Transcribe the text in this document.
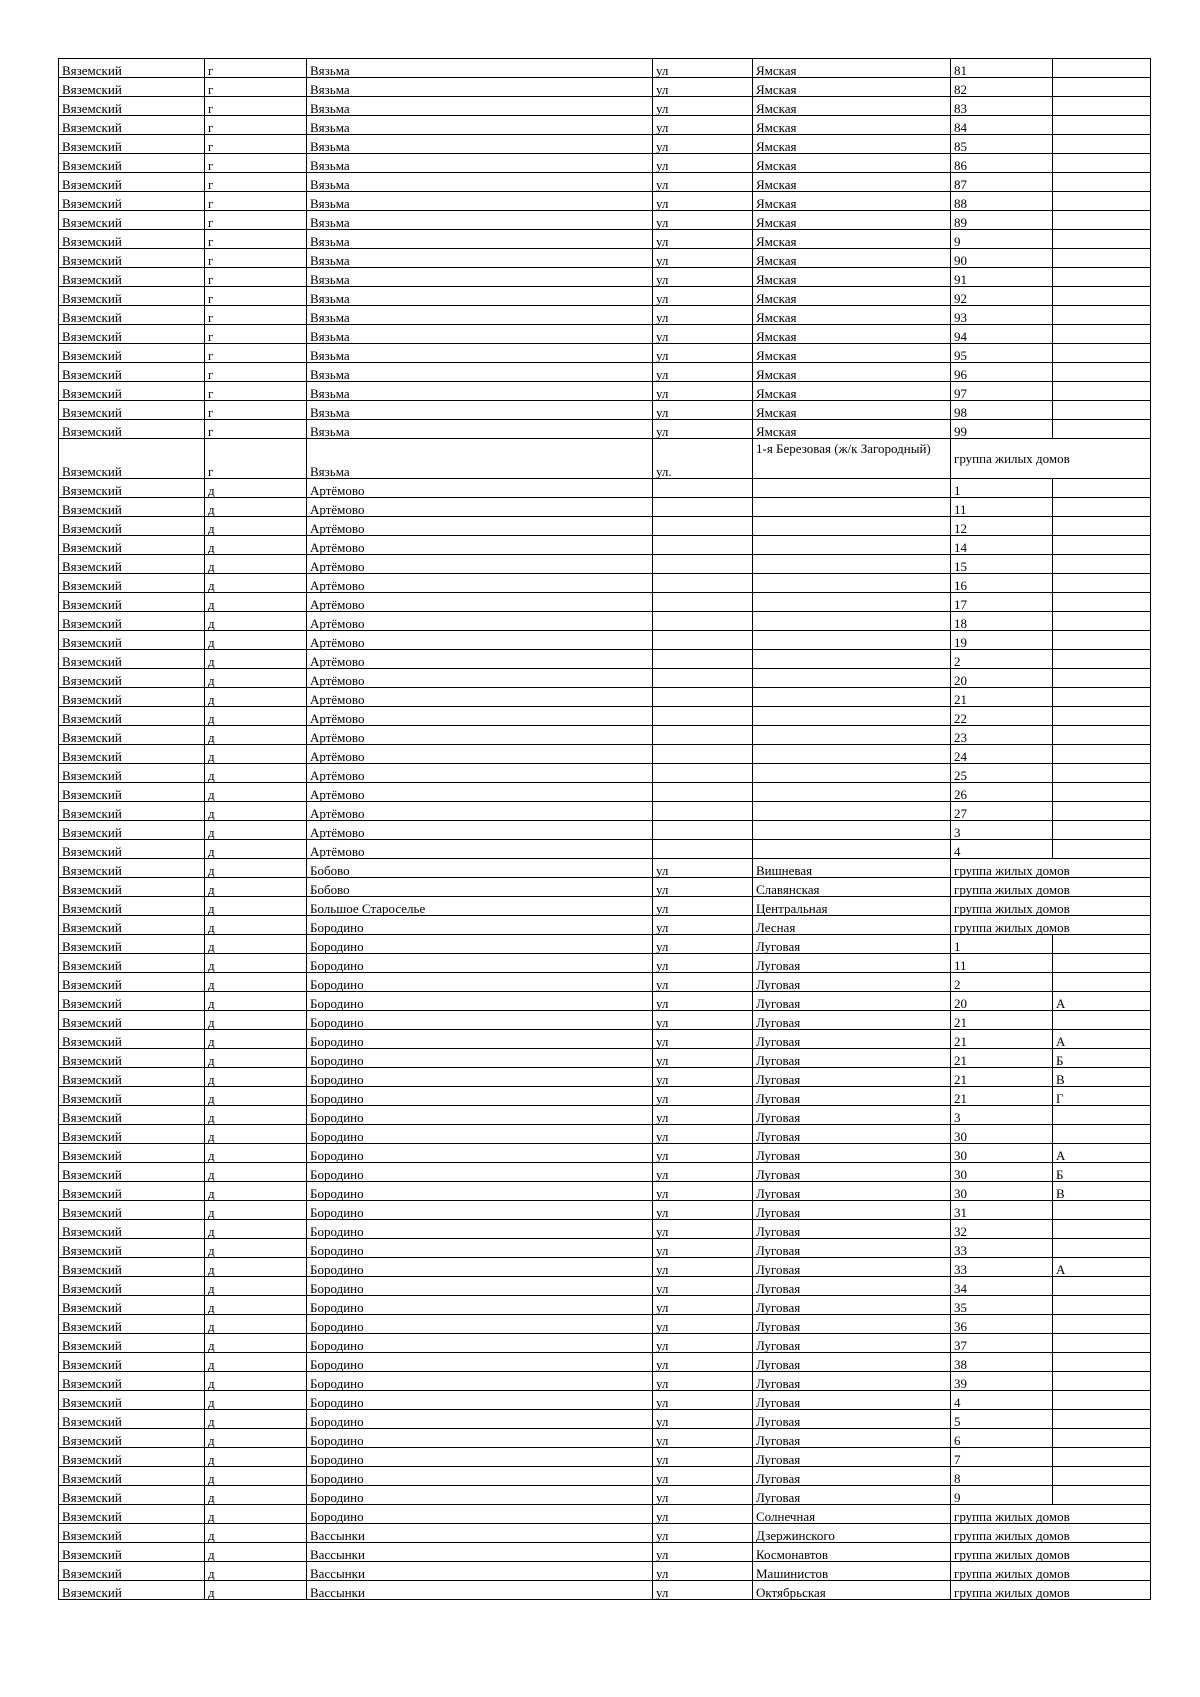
Вяземский	г	Вязьма	ул	Ямская	81	
Вяземский	г	Вязьма	ул	Ямская	82	
Вяземский	г	Вязьма	ул	Ямская	83	
Вяземский	г	Вязьма	ул	Ямская	84	
Вяземский	г	Вязьма	ул	Ямская	85	
Вяземский	г	Вязьма	ул	Ямская	86	
Вяземский	г	Вязьма	ул	Ямская	87	
Вяземский	г	Вязьма	ул	Ямская	88	
Вяземский	г	Вязьма	ул	Ямская	89	
Вяземский	г	Вязьма	ул	Ямская	9	
Вяземский	г	Вязьма	ул	Ямская	90	
Вяземский	г	Вязьма	ул	Ямская	91	
Вяземский	г	Вязьма	ул	Ямская	92	
Вяземский	г	Вязьма	ул	Ямская	93	
Вяземский	г	Вязьма	ул	Ямская	94	
Вяземский	г	Вязьма	ул	Ямская	95	
Вяземский	г	Вязьма	ул	Ямская	96	
Вяземский	г	Вязьма	ул	Ямская	97	
Вяземский	г	Вязьма	ул	Ямская	98	
Вяземский	г	Вязьма	ул	Ямская	99	
Вяземский	г	Вязьма	ул.	1-я Березовая (ж/к Загородный)	группа жилых домов	
Вяземский	д	Артёмово			1	
Вяземский	д	Артёмово			11	
Вяземский	д	Артёмово			12	
Вяземский	д	Артёмово			14	
Вяземский	д	Артёмово			15	
Вяземский	д	Артёмово			16	
Вяземский	д	Артёмово			17	
Вяземский	д	Артёмово			18	
Вяземский	д	Артёмово			19	
Вяземский	д	Артёмово			2	
Вяземский	д	Артёмово			20	
Вяземский	д	Артёмово			21	
Вяземский	д	Артёмово			22	
Вяземский	д	Артёмово			23	
Вяземский	д	Артёмово			24	
Вяземский	д	Артёмово			25	
Вяземский	д	Артёмово			26	
Вяземский	д	Артёмово			27	
Вяземский	д	Артёмово			3	
Вяземский	д	Артёмово			4	
Вяземский	д	Бобово	ул	Вишневая	группа жилых домов	
Вяземский	д	Бобово	ул	Славянская	группа жилых домов	
Вяземский	д	Большое Староселье	ул	Центральная	группа жилых домов	
Вяземский	д	Бородино	ул	Лесная	группа жилых домов	
Вяземский	д	Бородино	ул	Луговая	1	
Вяземский	д	Бородино	ул	Луговая	11	
Вяземский	д	Бородино	ул	Луговая	2	
Вяземский	д	Бородино	ул	Луговая	20	А
Вяземский	д	Бородино	ул	Луговая	21	
Вяземский	д	Бородино	ул	Луговая	21	А
Вяземский	д	Бородино	ул	Луговая	21	Б
Вяземский	д	Бородино	ул	Луговая	21	В
Вяземский	д	Бородино	ул	Луговая	21	Г
Вяземский	д	Бородино	ул	Луговая	3	
Вяземский	д	Бородино	ул	Луговая	30	
Вяземский	д	Бородино	ул	Луговая	30	А
Вяземский	д	Бородино	ул	Луговая	30	Б
Вяземский	д	Бородино	ул	Луговая	30	В
Вяземский	д	Бородино	ул	Луговая	31	
Вяземский	д	Бородино	ул	Луговая	32	
Вяземский	д	Бородино	ул	Луговая	33	
Вяземский	д	Бородино	ул	Луговая	33	А
Вяземский	д	Бородино	ул	Луговая	34	
Вяземский	д	Бородино	ул	Луговая	35	
Вяземский	д	Бородино	ул	Луговая	36	
Вяземский	д	Бородино	ул	Луговая	37	
Вяземский	д	Бородино	ул	Луговая	38	
Вяземский	д	Бородино	ул	Луговая	39	
Вяземский	д	Бородино	ул	Луговая	4	
Вяземский	д	Бородино	ул	Луговая	5	
Вяземский	д	Бородино	ул	Луговая	6	
Вяземский	д	Бородино	ул	Луговая	7	
Вяземский	д	Бородино	ул	Луговая	8	
Вяземский	д	Бородино	ул	Луговая	9	
Вяземский	д	Бородино	ул	Солнечная	группа жилых домов	
Вяземский	д	Вассынки	ул	Дзержинского	группа жилых домов	
Вяземский	д	Вассынки	ул	Космонавтов	группа жилых домов	
Вяземский	д	Вассынки	ул	Машинистов	группа жилых домов	
Вяземский	д	Вассынки	ул	Октябрьская	группа жилых домов	
